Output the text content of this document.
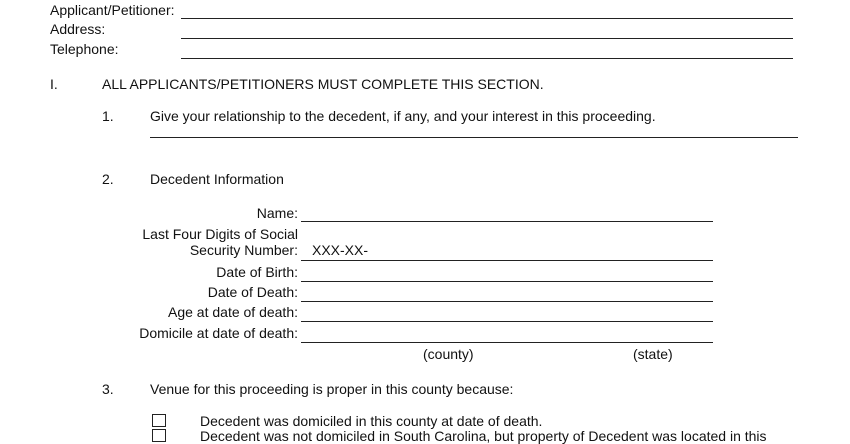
Applicant/Petitioner:
Address:
Telephone:
I.	ALL APPLICANTS/PETITIONERS MUST COMPLETE THIS SECTION.
1.	Give your relationship to the decedent, if any, and your interest in this proceeding.
2.	Decedent Information
Name:
Last Four Digits of Social
Security Number: XXX-XX-
Date of Birth:
Date of Death:
Age at date of death:
Domicile at date of death:
(county)	(state)
3.	Venue for this proceeding is proper in this county because:
Decedent was domiciled in this county at date of death.
Decedent was not domiciled in South Carolina, but property of Decedent was located in this
